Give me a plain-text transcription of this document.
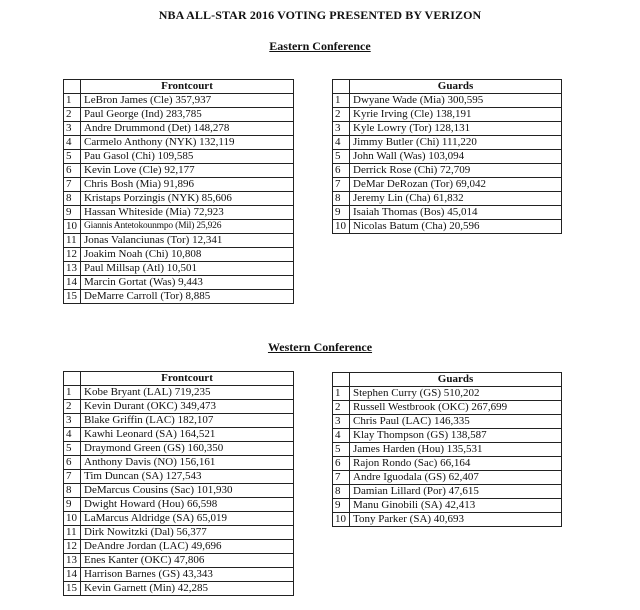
NBA ALL-STAR 2016 VOTING PRESENTED BY VERIZON
Eastern Conference
	Frontcourt
1	LeBron James (Cle) 357,937
2	Paul George (Ind) 283,785
3	Andre Drummond (Det) 148,278
4	Carmelo Anthony (NYK) 132,119
5	Pau Gasol (Chi) 109,585
6	Kevin Love (Cle) 92,177
7	Chris Bosh (Mia) 91,896
8	Kristaps Porzingis (NYK) 85,606
9	Hassan Whiteside (Mia) 72,923
10	Giannis Antetokounmpo (Mil) 25,926
11	Jonas Valanciunas (Tor) 12,341
12	Joakim Noah (Chi) 10,808
13	Paul Millsap (Atl) 10,501
14	Marcin Gortat (Was) 9,443
15	DeMarre Carroll (Tor) 8,885
	Guards
1	Dwyane Wade (Mia) 300,595
2	Kyrie Irving (Cle) 138,191
3	Kyle Lowry (Tor) 128,131
4	Jimmy Butler (Chi) 111,220
5	John Wall (Was) 103,094
6	Derrick Rose (Chi) 72,709
7	DeMar DeRozan (Tor) 69,042
8	Jeremy Lin (Cha) 61,832
9	Isaiah Thomas (Bos) 45,014
10	Nicolas Batum (Cha) 20,596
Western Conference
	Frontcourt
1	Kobe Bryant (LAL) 719,235
2	Kevin Durant (OKC) 349,473
3	Blake Griffin (LAC) 182,107
4	Kawhi Leonard (SA) 164,521
5	Draymond Green (GS) 160,350
6	Anthony Davis (NO) 156,161
7	Tim Duncan (SA) 127,543
8	DeMarcus Cousins (Sac) 101,930
9	Dwight Howard (Hou) 66,598
10	LaMarcus Aldridge (SA) 65,019
11	Dirk Nowitzki (Dal) 56,377
12	DeAndre Jordan (LAC) 49,696
13	Enes Kanter (OKC) 47,806
14	Harrison Barnes (GS) 43,343
15	Kevin Garnett (Min) 42,285
	Guards
1	Stephen Curry (GS) 510,202
2	Russell Westbrook (OKC) 267,699
3	Chris Paul (LAC) 146,335
4	Klay Thompson (GS) 138,587
5	James Harden (Hou) 135,531
6	Rajon Rondo (Sac) 66,164
7	Andre Iguodala (GS) 62,407
8	Damian Lillard (Por) 47,615
9	Manu Ginobili (SA) 42,413
10	Tony Parker (SA) 40,693
